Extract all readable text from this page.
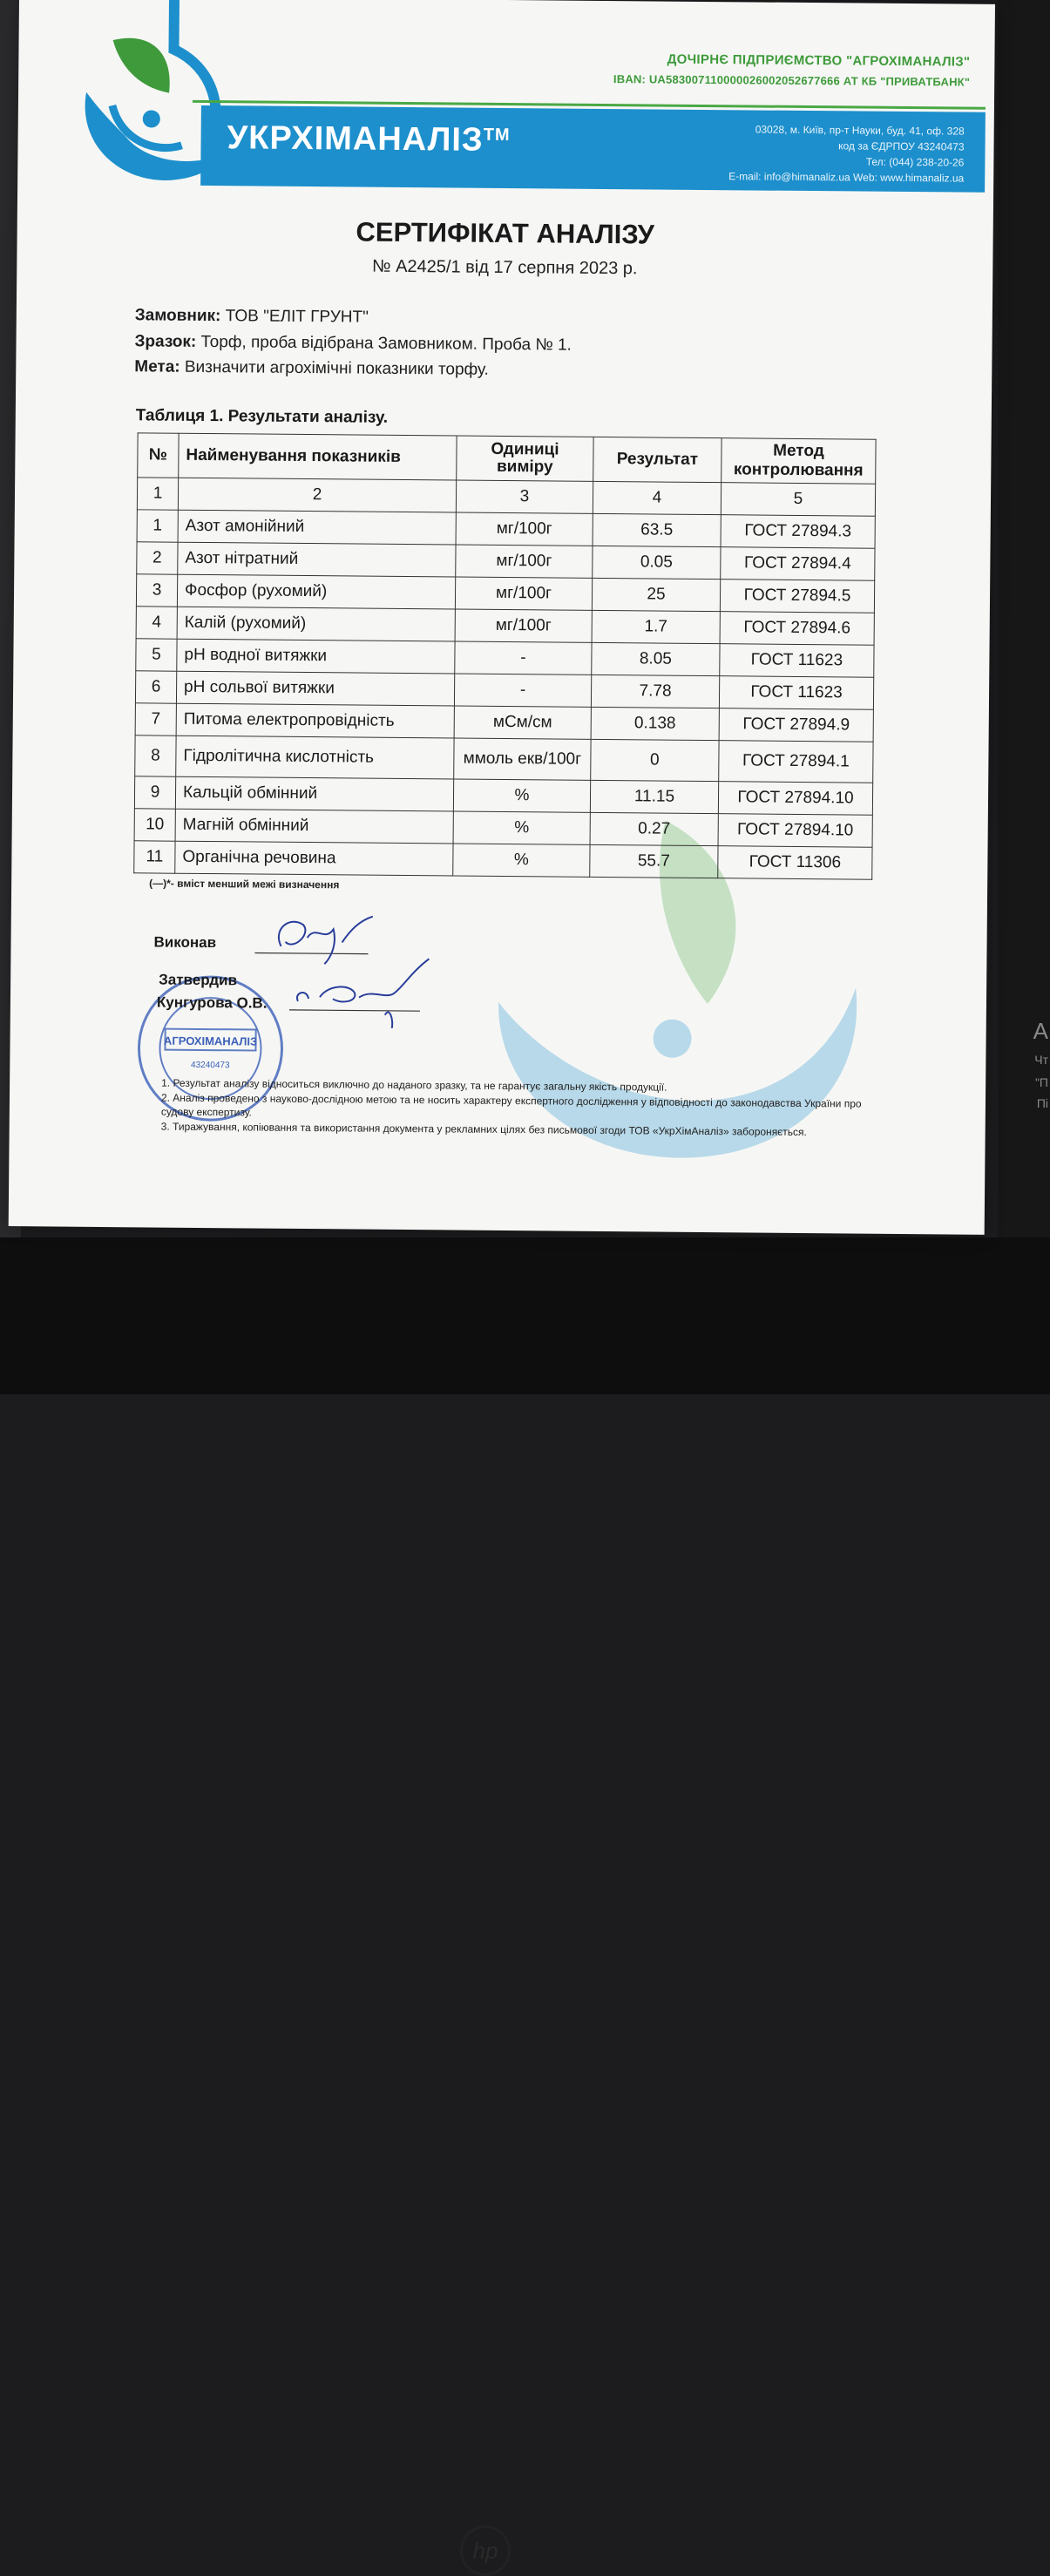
А
Чт
"П
Пі
hp
ДОЧІРНЄ ПІДПРИЄМСТВО "АГРОХІМАНАЛІЗ"
IBAN: UA583007110000026002052677666 АТ КБ "ПРИВАТБАНК"
УКРХІМАНАЛІЗ™	03028, м. Київ, пр-т Науки, буд. 41, оф. 328
код за ЄДРПОУ 43240473
Тел: (044) 238-20-26
E-mail: info@himanaliz.ua Web: www.himanaliz.ua
СЕРТИФІКАТ АНАЛІЗУ
№ А2425/1 від 17 серпня 2023 р.
Замовник: ТОВ "ЕЛІТ ГРУНТ"
Зразок: Торф, проба відібрана Замовником. Проба № 1.
Мета: Визначити агрохімічні показники торфу.
Таблиця 1. Результати аналізу.
№	Найменування показників	Одиниці виміру	Результат	Метод контролювання
1	2	3	4	5
1	Азот амонійний	мг/100г	63.5	ГОСТ 27894.3
2	Азот нітратний	мг/100г	0.05	ГОСТ 27894.4
3	Фосфор (рухомий)	мг/100г	25	ГОСТ 27894.5
4	Калій (рухомий)	мг/100г	1.7	ГОСТ 27894.6
5	pH водної витяжки	-	8.05	ГОСТ 11623
6	pH сольвої витяжки	-	7.78	ГОСТ 11623
7	Питома електропровідність	мСм/см	0.138	ГОСТ 27894.9
8	Гідролітична кислотність	ммоль екв/100г	0	ГОСТ 27894.1
9	Кальцій обмінний	%	11.15	ГОСТ 27894.10
10	Магній обмінний	%	0.27	ГОСТ 27894.10
11	Органічна речовина	%	55.7	ГОСТ 11306
(—)*- вміст менший межі визначення
Виконав
АГРОХІМАНАЛІЗ
43240473
Затвердив
Кунгурова О.В.
1. Результат аналізу відноситься виключно до наданого зразку, та не гарантує загальну якість продукції.
2. Аналіз проведено з науково-дослідною метою та не носить характеру експертного дослідження у відповідності до законодавства України про судову експертизу.
3. Тиражування, копіювання та використання документа у рекламних цілях без письмової згоди ТОВ «УкрХімАналіз» забороняється.
